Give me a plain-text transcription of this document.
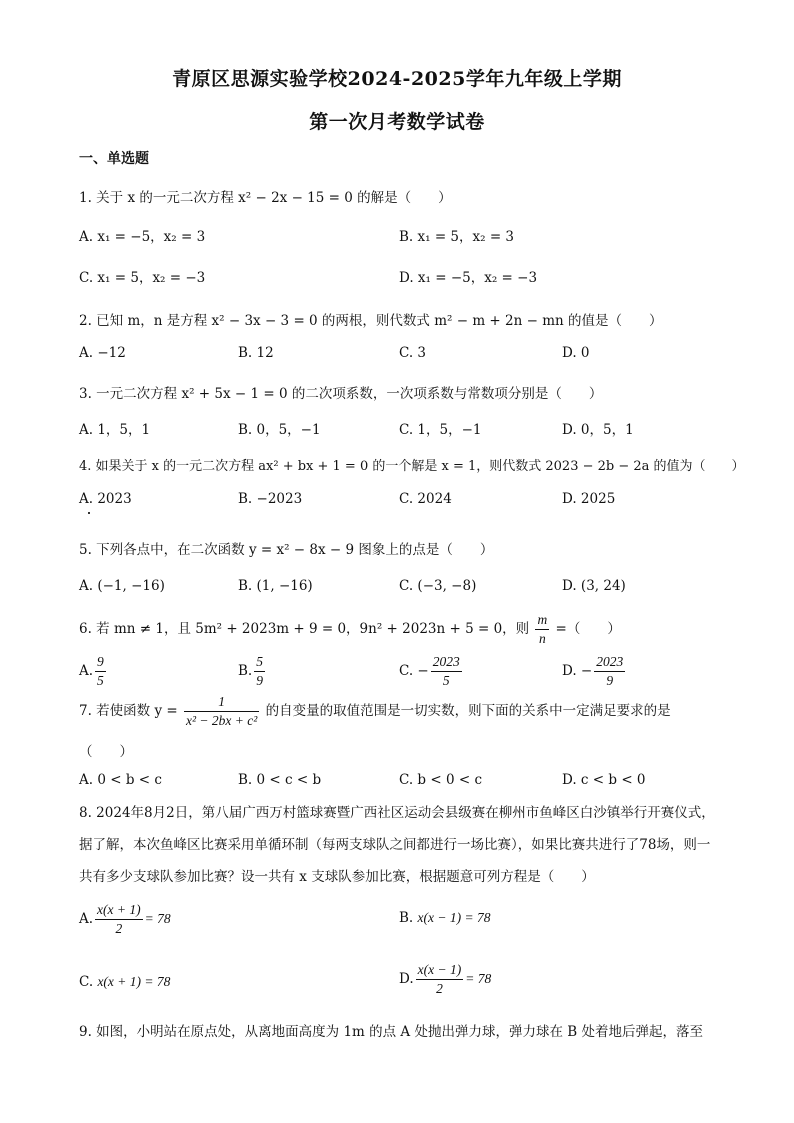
青原区思源实验学校2024-2025学年九年级上学期
第一次月考数学试卷
一、单选题
1. 关于 x 的一元二次方程 x² − 2x − 15 = 0 的解是（　　）
A. x₁ = −5，x₂ = 3	B. x₁ = 5，x₂ = 3
C. x₁ = 5，x₂ = −3	D. x₁ = −5，x₂ = −3
2. 已知 m，n 是方程 x² − 3x − 3 = 0 的两根，则代数式 m² − m + 2n − mn 的值是（　　）
A. −12	B. 12	C. 3	D. 0
3. 一元二次方程 x² + 5x − 1 = 0 的二次项系数，一次项系数与常数项分别是（　　）
A. 1，5，1	B. 0，5，−1	C. 1，5，−1	D. 0，5，1
4. 如果关于 x 的一元二次方程 ax² + bx + 1 = 0 的一个解是 x = 1，则代数式 2023 − 2b − 2a 的值为（　　）
A. 2023	B. −2023	C. 2024	D. 2025
5. 下列各点中，在二次函数 y = x² − 8x − 9 图象上的点是（　　）
A. (−1, −16)	B. (1, −16)	C. (−3, −8)	D. (3, 24)
6. 若 mn ≠ 1，且 5m² + 2023m + 9 = 0，9n² + 2023n + 5 = 0，则 $\frac{m}{n}$ =（　　）
A. $\frac{9}{5}$	B. $\frac{5}{9}$	C. − $\frac{2023}{5}$	D. − $\frac{2023}{9}$
7. 若使函数 $y = \frac{1}{\text{x² − 2bx + c²}}$ 的自变量的取值范围是一切实数，则下面的关系中一定满足要求的是
（　　）
A. 0 < b < c	B. 0 < c < b	C. b < 0 < c	D. c < b < 0
8. 2024年8月2日，第八届广西万村篮球赛暨广西社区运动会县级赛在柳州市鱼峰区白沙镇举行开赛仪式，据了解，本次鱼峰区比赛采用单循环制（每两支球队之间都进行一场比赛），如果比赛共进行了78场，则一共有多少支球队参加比赛？设一共有 x 支球队参加比赛，根据题意可列方程是（　　）
A. $\frac{x(x + 1)}{2} = 78$	B. x(x − 1) = 78
C. x(x + 1) = 78	D. $\frac{x(x - 1)}{2} = 78$
9. 如图，小明站在原点处，从离地面高度为 1m 的点 A 处抛出弹力球，弹力球在 B 处着地后弹起，落至
